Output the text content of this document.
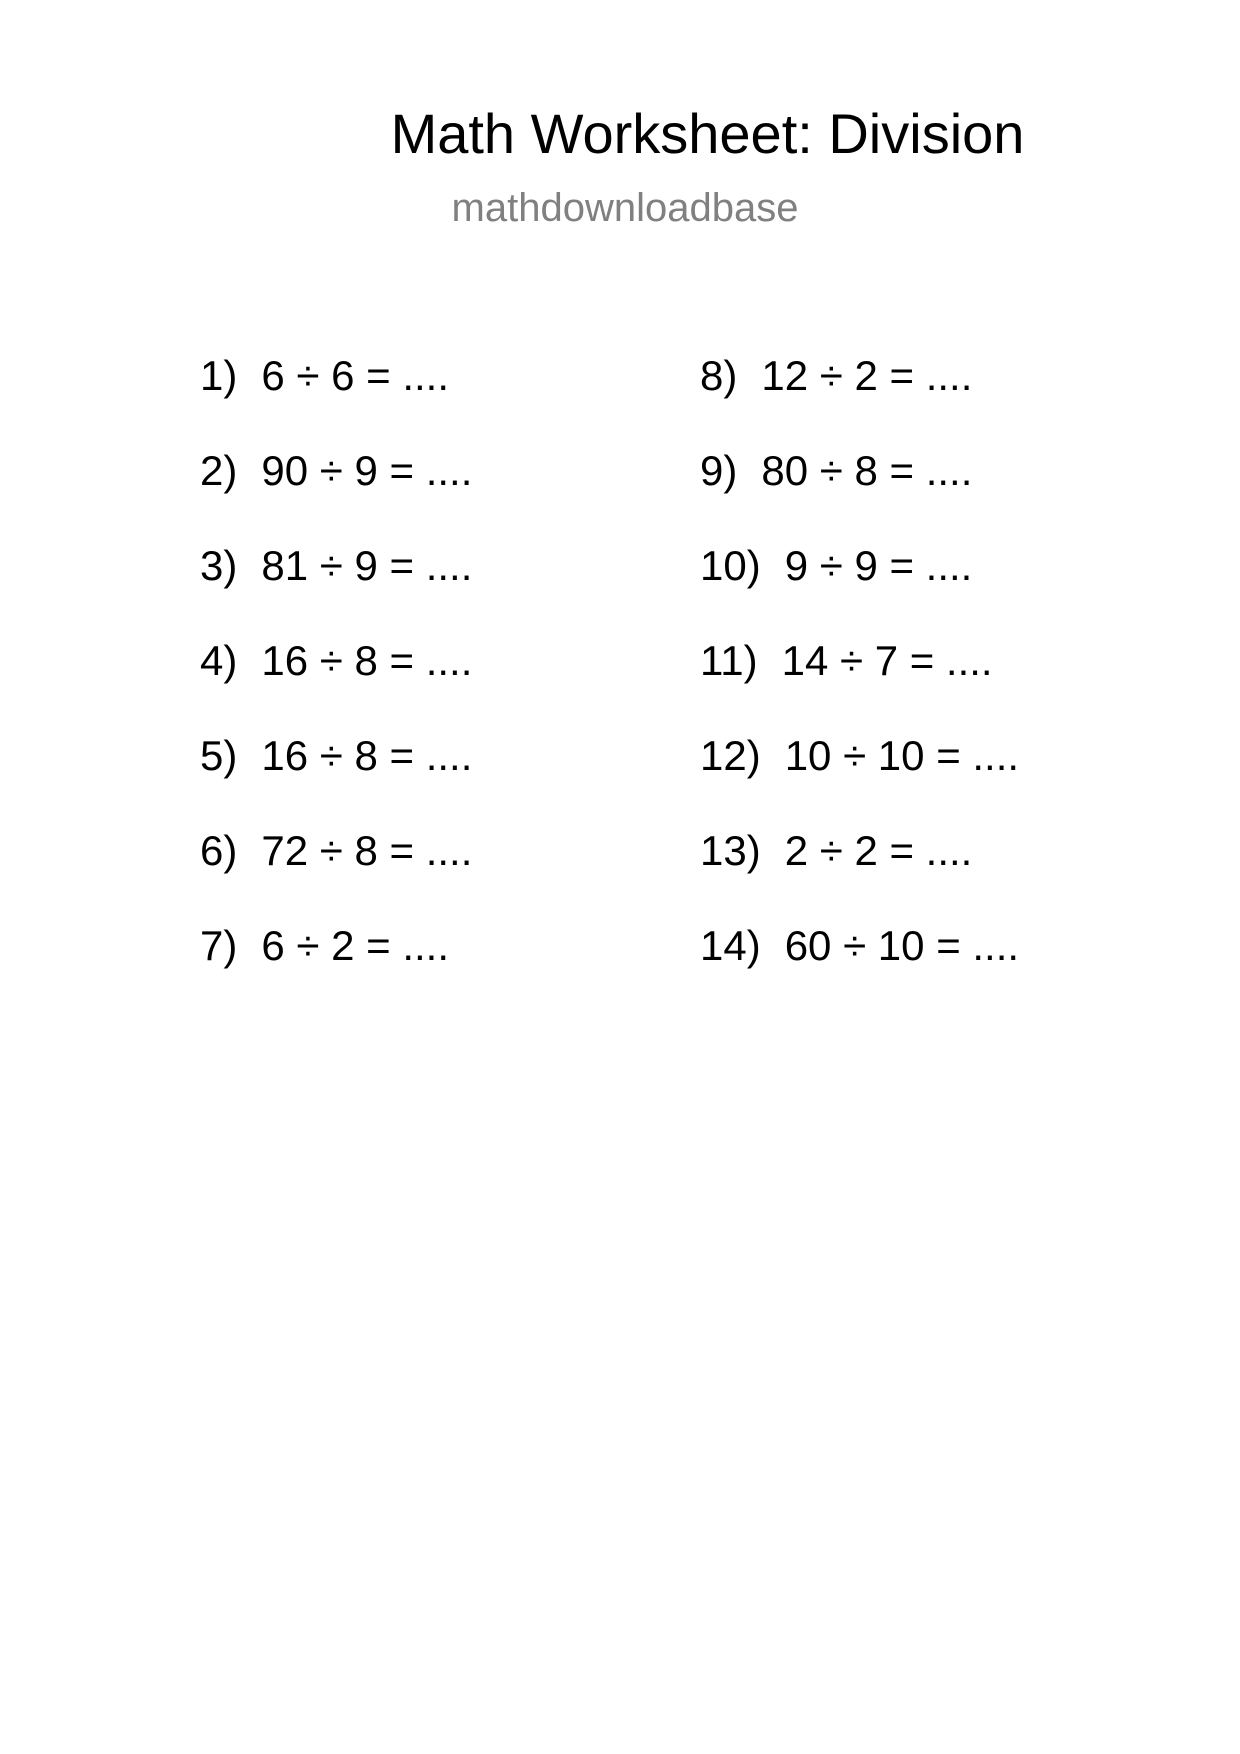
Math Worksheet: Division
mathdownloadbase
1) 6 ÷ 6 = ....
2) 90 ÷ 9 = ....
3) 81 ÷ 9 = ....
4) 16 ÷ 8 = ....
5) 16 ÷ 8 = ....
6) 72 ÷ 8 = ....
7) 6 ÷ 2 = ....
8) 12 ÷ 2 = ....
9) 80 ÷ 8 = ....
10) 9 ÷ 9 = ....
11) 14 ÷ 7 = ....
12) 10 ÷ 10 = ....
13) 2 ÷ 2 = ....
14) 60 ÷ 10 = ....
